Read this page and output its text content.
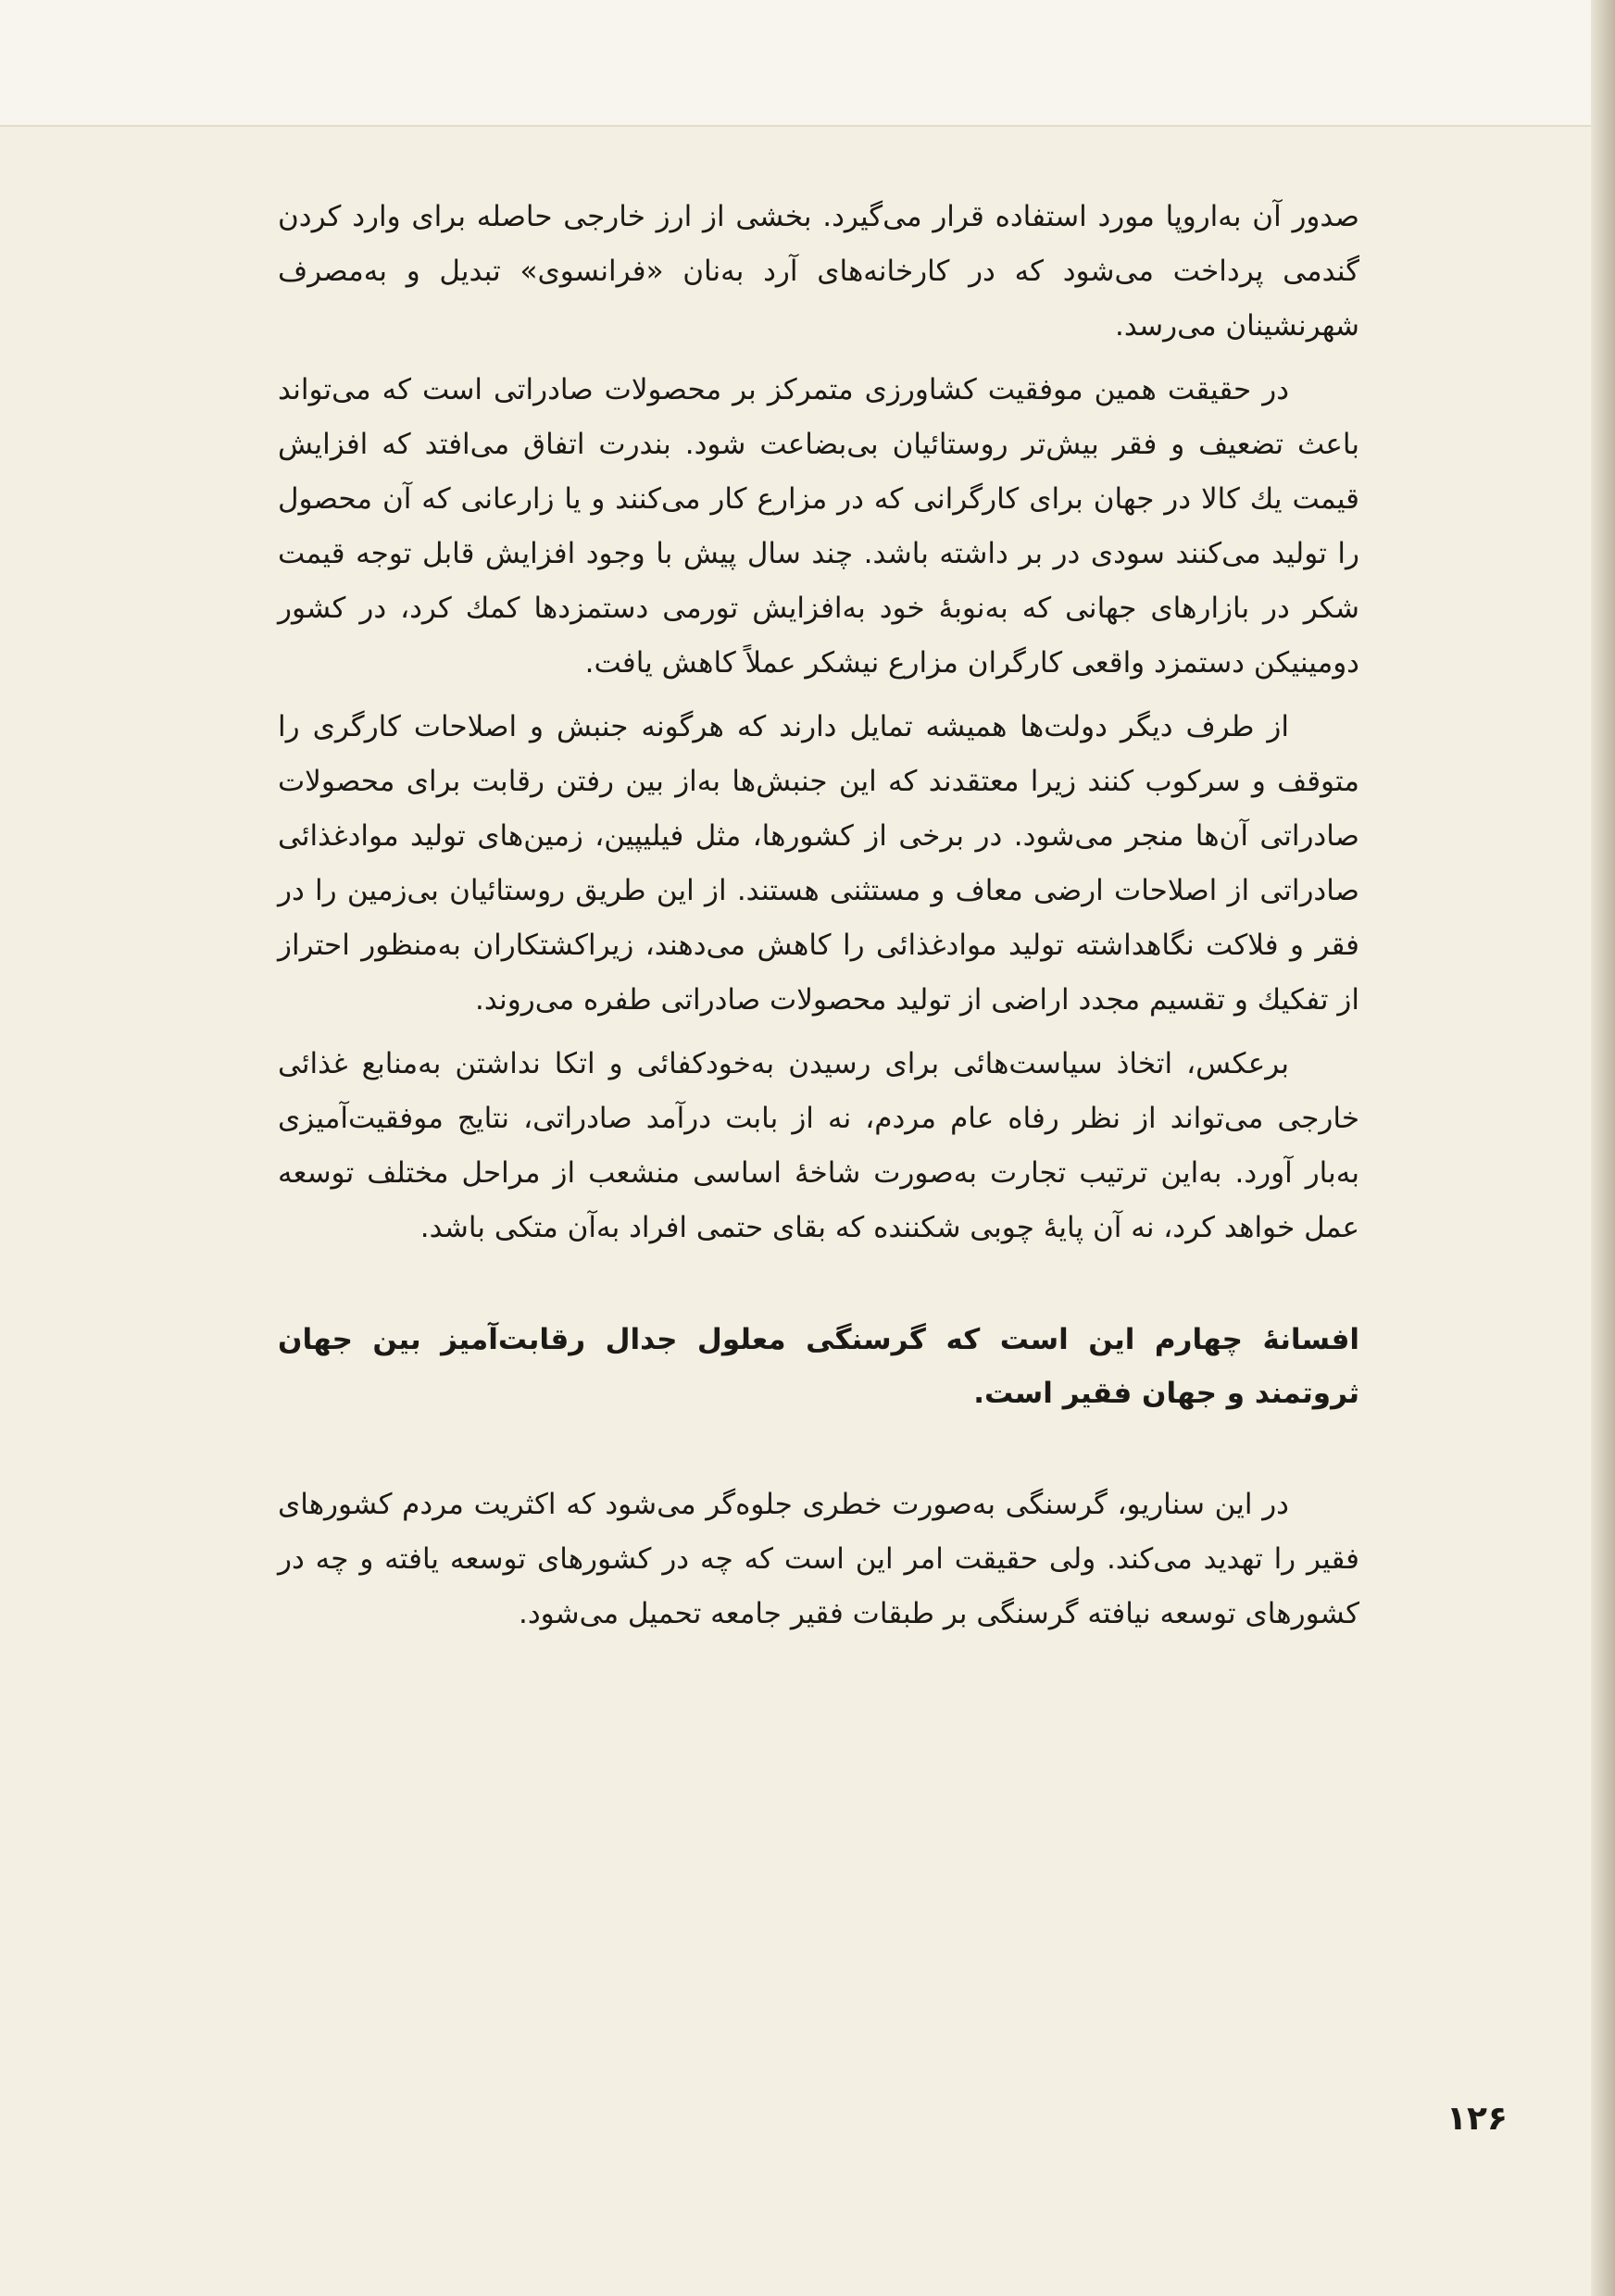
صدور آن به‌اروپا مورد استفاده قرار می‌گیرد. بخشی از ارز خارجی حاصله برای وارد کردن گندمی پرداخت می‌شود که در کارخانه‌های آرد به‌نان «فرانسوی» تبدیل و به‌مصرف شهرنشینان می‌رسد.

در حقیقت همین موفقیت کشاورزی متمرکز بر محصولات صادراتی است که می‌تواند باعث تضعیف و فقر بیش‌تر روستائیان بی‌بضاعت شود. بندرت اتفاق می‌افتد که افزایش قیمت یك کالا در جهان برای کارگرانی که در مزارع کار می‌کنند و یا زارعانی که آن محصول را تولید می‌کنند سودی در بر داشته باشد. چند سال پیش با وجود افزایش قابل توجه قیمت شکر در بازارهای جهانی که به‌نوبهٔ خود به‌افزایش تورمی دستمزدها کمك کرد، در کشور دومینیکن دستمزد واقعی کارگران مزارع نیشکر عملاً کاهش یافت.

از طرف دیگر دولت‌ها همیشه تمایل دارند که هرگونه جنبش و اصلاحات کارگری را متوقف و سرکوب کنند زیرا معتقدند که این جنبش‌ها به‌از بین رفتن رقابت برای محصولات صادراتی آن‌ها منجر می‌شود. در برخی از کشورها، مثل فیلیپین، زمین‌های تولید موادغذائی صادراتی از اصلاحات ارضی معاف و مستثنی هستند. از این طریق روستائیان بی‌زمین را در فقر و فلاکت نگاهداشته تولید موادغذائی را کاهش می‌دهند، زیراکشتکاران به‌منظور احتراز از تفکیك و تقسیم مجدد اراضی از تولید محصولات صادراتی طفره می‌روند.

برعکس، اتخاذ سیاست‌هائی برای رسیدن به‌خودکفائی و اتکا نداشتن به‌منابع غذائی خارجی می‌تواند از نظر رفاه عام مردم، نه از بابت درآمد صادراتی، نتایج موفقیت‌آمیزی به‌بار آورد. به‌این ترتیب تجارت به‌صورت شاخهٔ اساسی منشعب از مراحل مختلف توسعه عمل خواهد کرد، نه آن پایهٔ چوبی شکننده که بقای حتمی افراد به‌آن متکی باشد.

افسانهٔ چهارم این است که گرسنگی معلول جدال رقابت‌آمیز بین جهان ثروتمند و جهان فقیر است.

در این سناریو، گرسنگی به‌صورت خطری جلوه‌گر می‌شود که اکثریت مردم کشورهای فقیر را تهدید می‌کند. ولی حقیقت امر این است که چه در کشورهای توسعه یافته و چه در کشورهای توسعه نیافته گرسنگی بر طبقات فقیر جامعه تحمیل می‌شود.

۱۲۶
